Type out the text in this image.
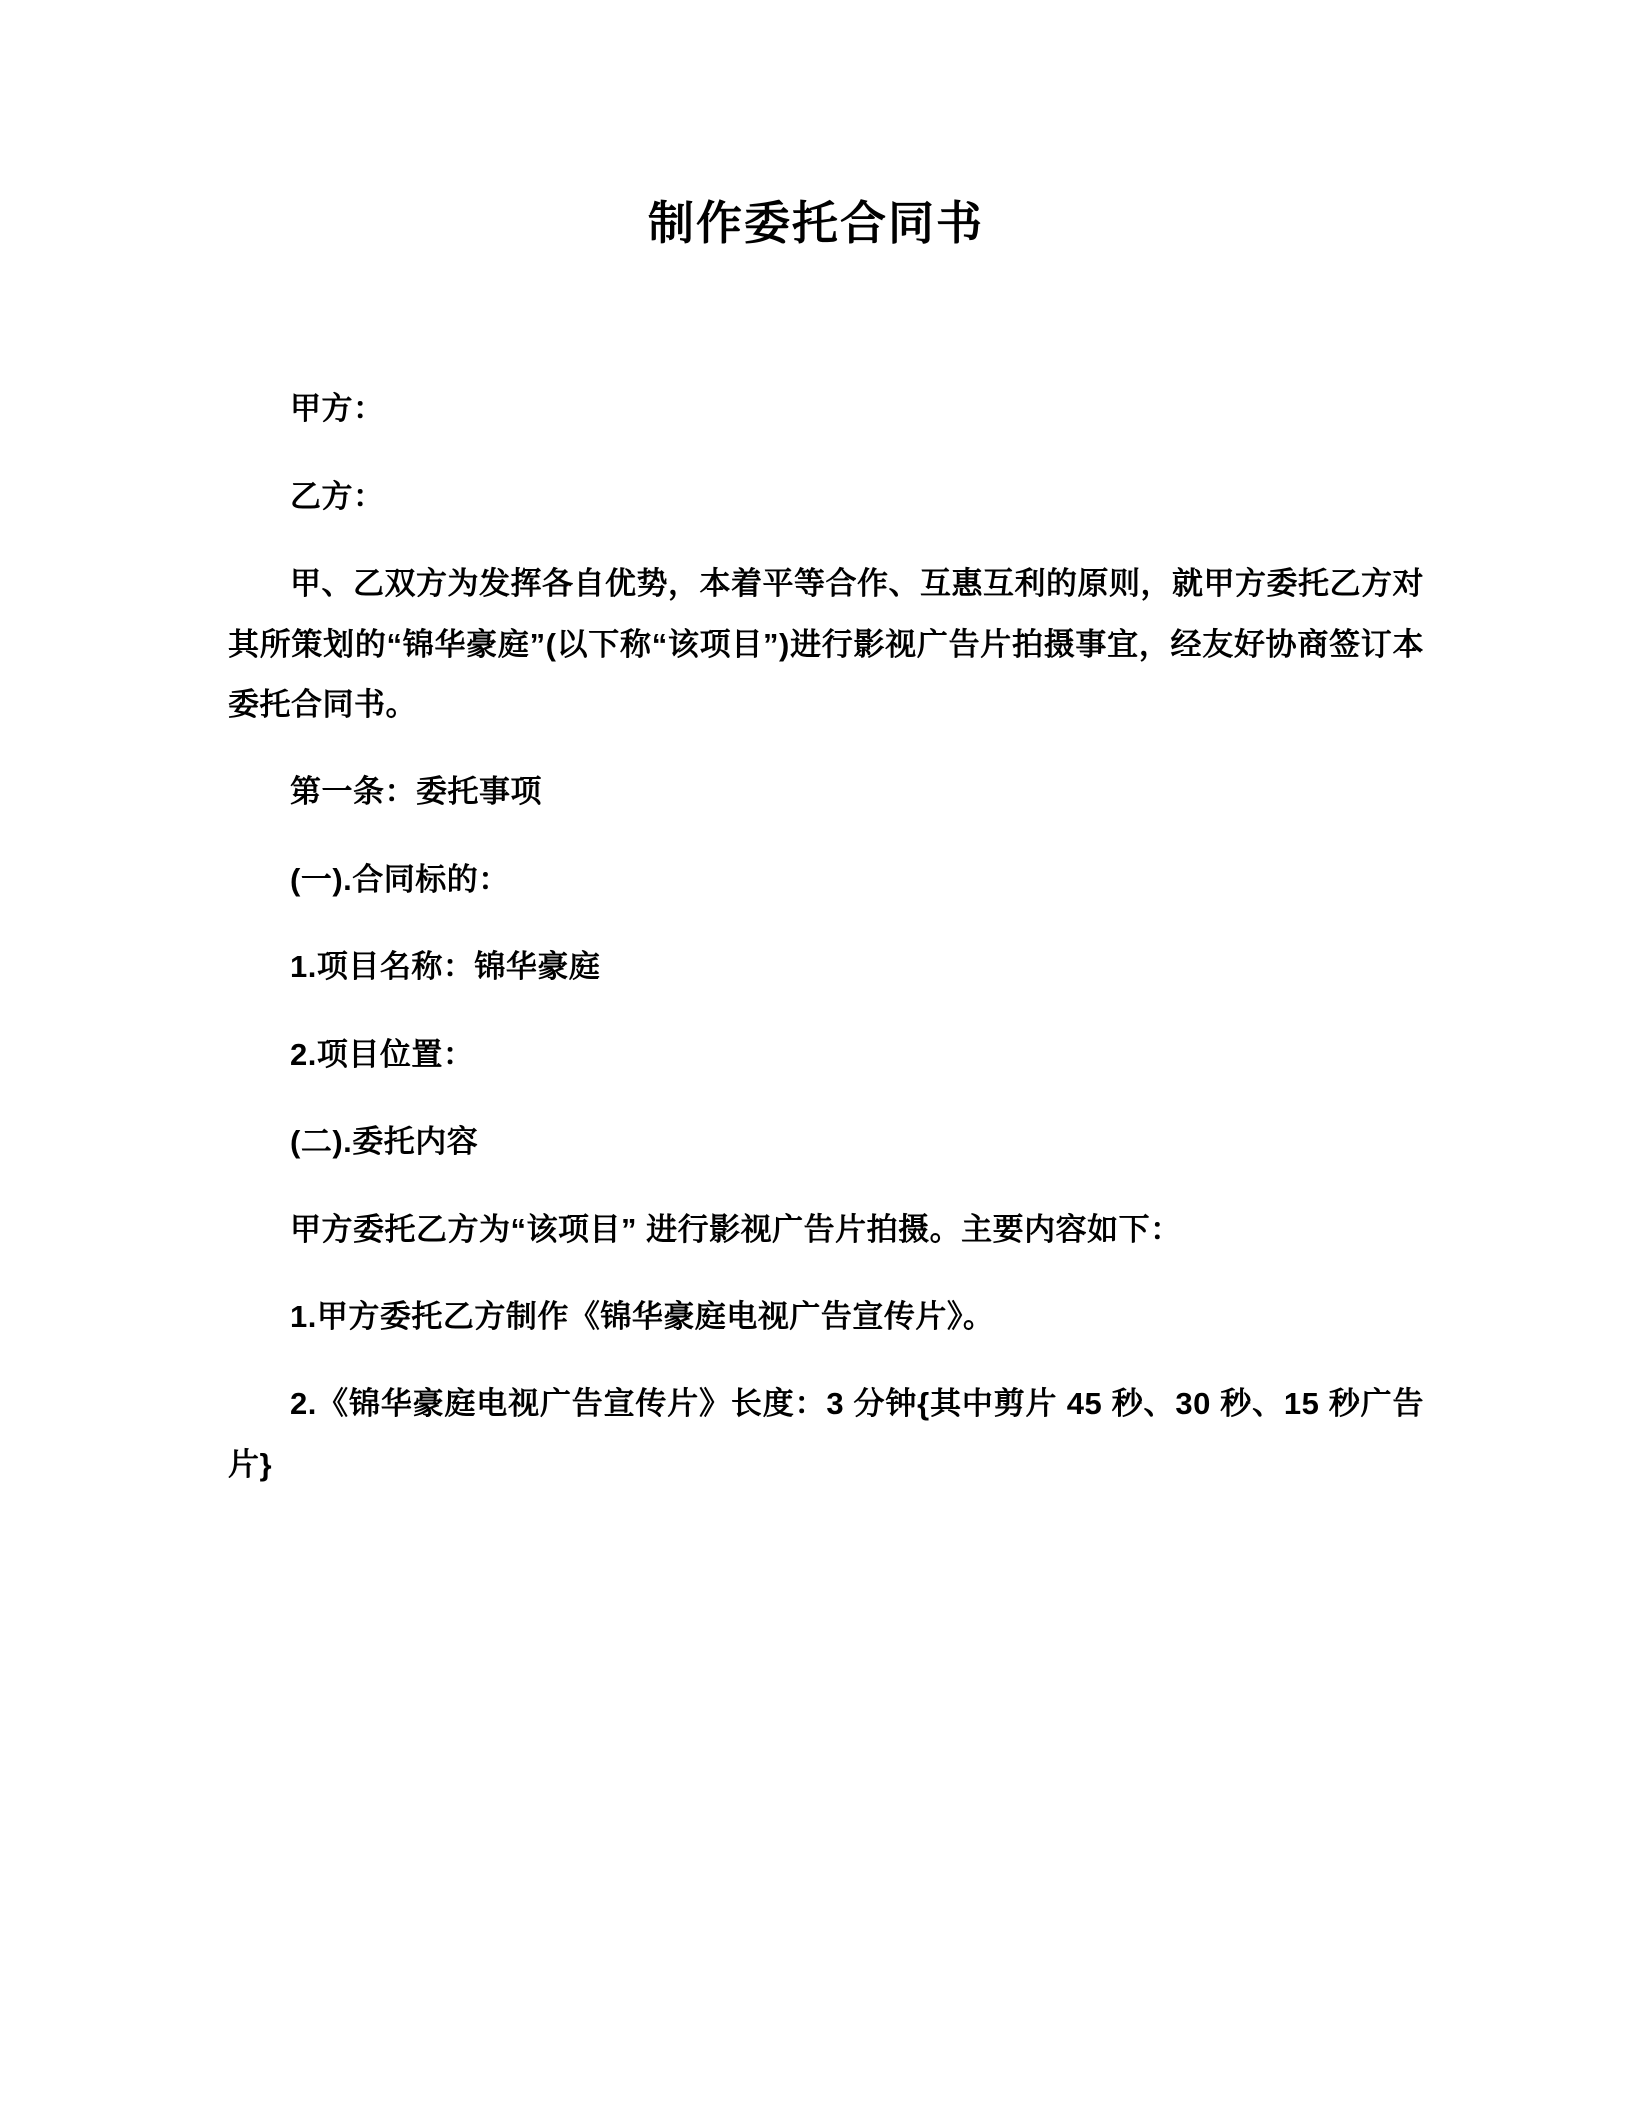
制作委托合同书

甲方：

乙方：

甲、乙双方为发挥各自优势，本着平等合作、互惠互利的原则，就甲方委托乙方对其所策划的“锦华豪庭”(以下称“该项目”)进行影视广告片拍摄事宜，经友好协商签订本委托合同书。

第一条：委托事项

(一).合同标的：

1.项目名称：锦华豪庭

2.项目位置：

(二).委托内容

甲方委托乙方为“该项目” 进行影视广告片拍摄。主要内容如下：

1.甲方委托乙方制作《锦华豪庭电视广告宣传片》。

2.《锦华豪庭电视广告宣传片》长度：3 分钟{其中剪片 45 秒、30 秒、15 秒广告片}
